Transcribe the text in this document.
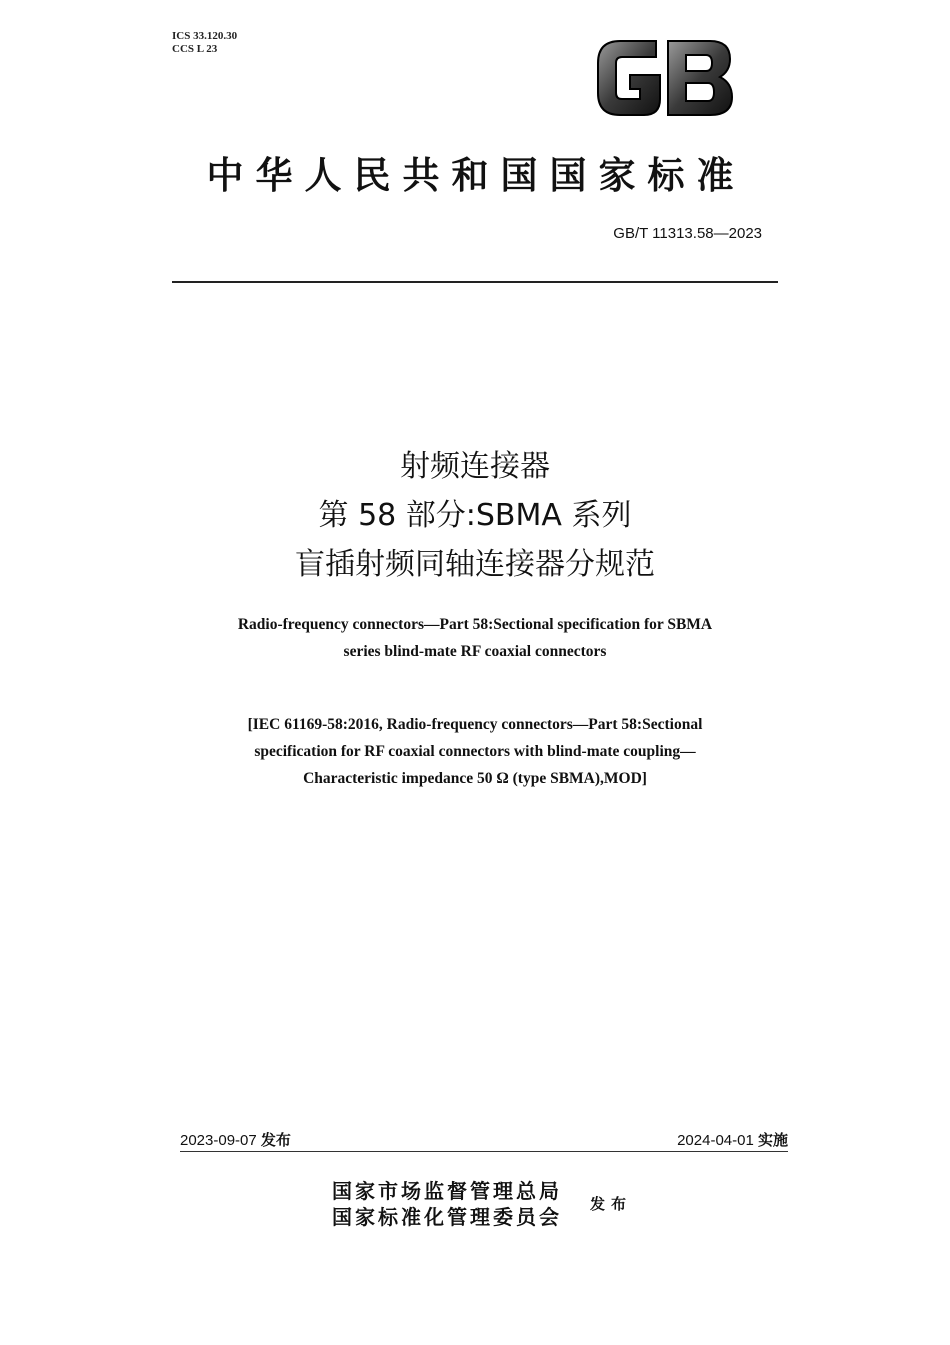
ICS 33.120.30
CCS L 23
中华人民共和国国家标准
GB/T 11313.58—2023
射频连接器
第 58 部分:SBMA 系列
盲插射频同轴连接器分规范
Radio-frequency connectors—Part 58:Sectional specification for SBMA
series blind-mate RF coaxial connectors
[IEC 61169-58:2016, Radio-frequency connectors—Part 58:Sectional
specification for RF coaxial connectors with blind-mate coupling—
Characteristic impedance 50 Ω (type SBMA),MOD]
2023-09-07 发布	2024-04-01 实施
国家市场监督管理总局
国家标准化管理委员会
发布
